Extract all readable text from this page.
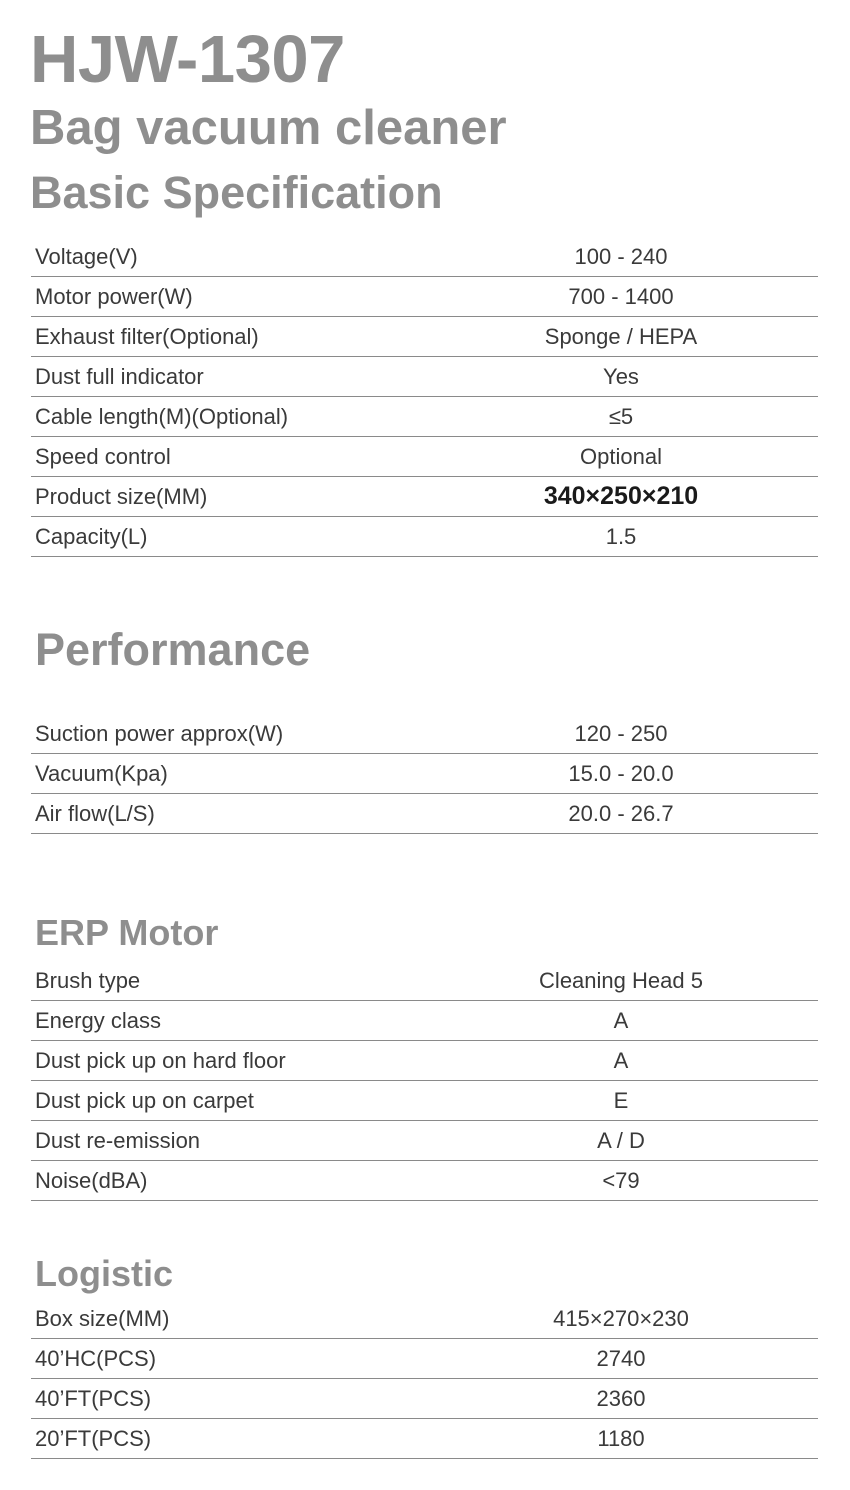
HJW-1307
Bag vacuum cleaner
Basic Specification
Voltage(V)	100 - 240
Motor power(W)	700 - 1400
Exhaust filter(Optional)	Sponge / HEPA
Dust full indicator	Yes
Cable length(M)(Optional)	≤5
Speed control	Optional
Product size(MM)	340×250×210
Capacity(L)	1.5
Performance
Suction power approx(W)	120 - 250
Vacuum(Kpa)	15.0 - 20.0
Air flow(L/S)	20.0 - 26.7
ERP Motor
Brush type	Cleaning Head 5
Energy class	A
Dust pick up on hard floor	A
Dust pick up on carpet	E
Dust re-emission	A / D
Noise(dBA)	<79
Logistic
Box size(MM)	415×270×230
40’HC(PCS)	2740
40’FT(PCS)	2360
20’FT(PCS)	1180
